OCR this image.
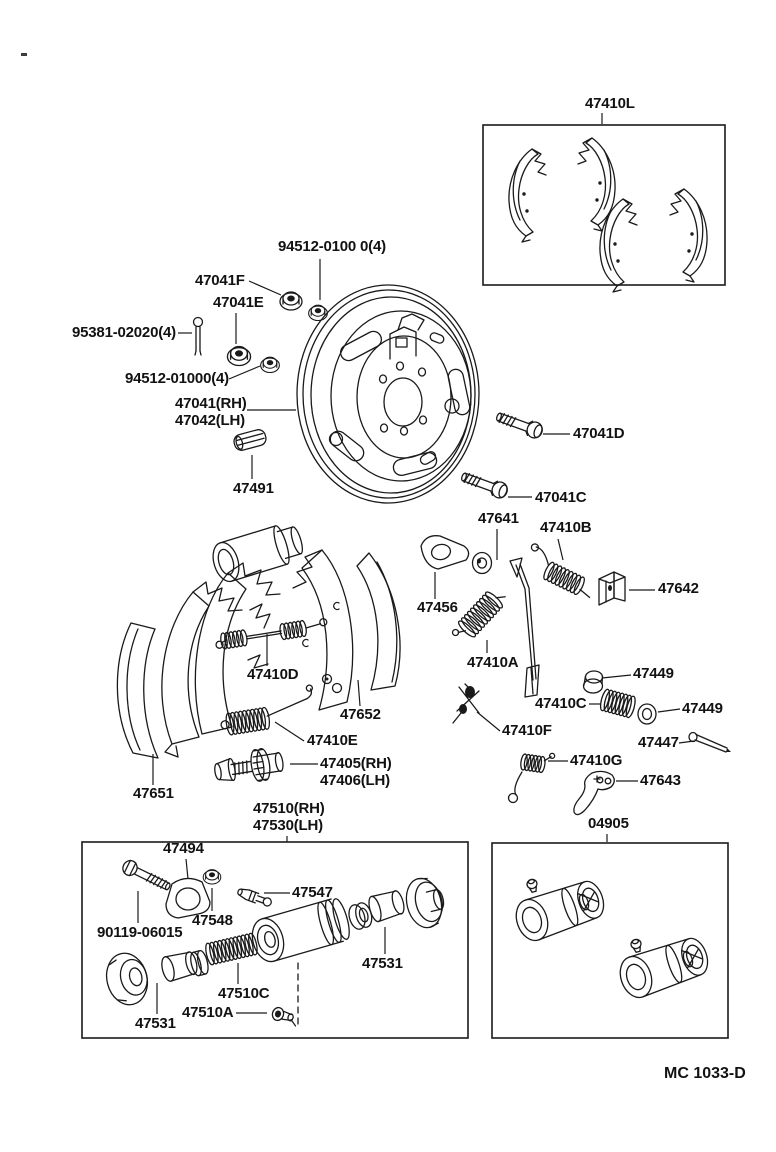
47410L
94512-0100 0(4)
47041F
47041E
95381-02020(4)
94512-01000(4)
47041(RH)
47042(LH)
47491
47041D
47041C
47641
47410B
47456
47642
47410A
47410D
47652
47410E
47449
47410C	47449
47447
47410F
47410G
47643
47651
47405(RH)
47406(LH)
47510(RH)
47530(LH)	04905
47494
47547
47548
90119-06015
47531
47510C
47510A
47531
MC 1033-D
